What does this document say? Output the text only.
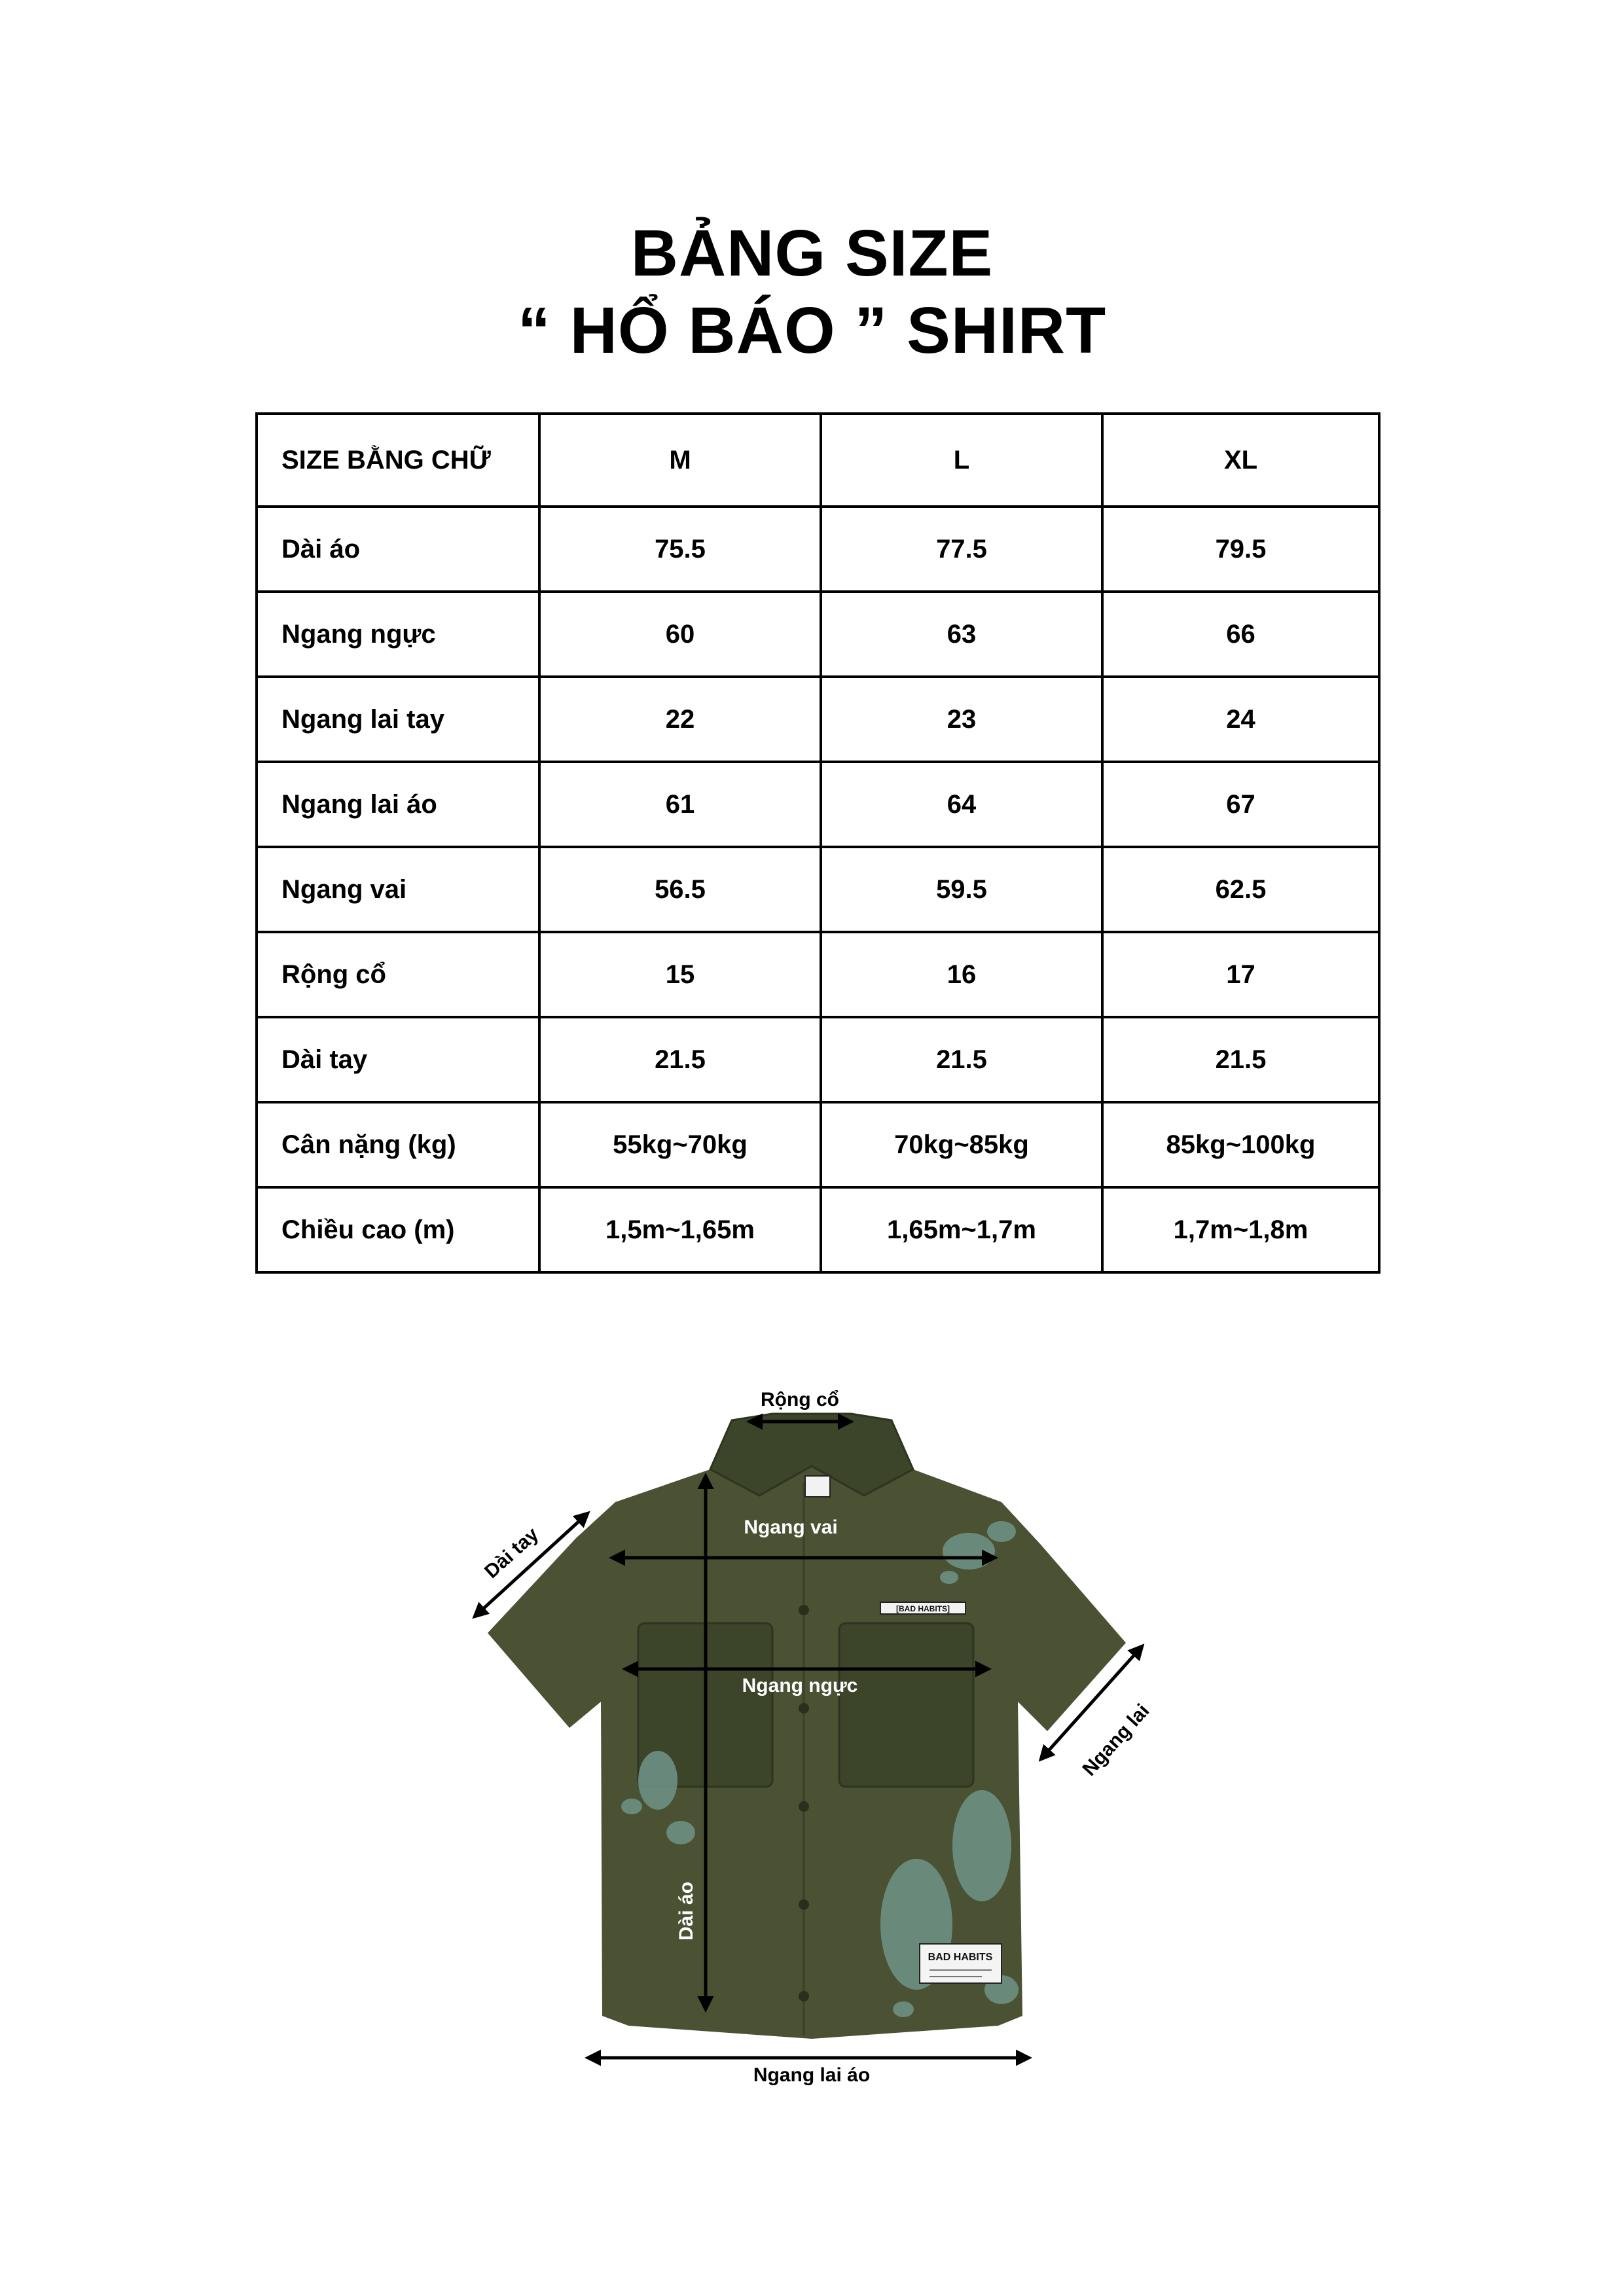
BẢNG SIZE
“ HỔ BÁO ” SHIRT
SIZE BẰNG CHỮ	M	L	XL
Dài áo	75.5	77.5	79.5
Ngang ngực	60	63	66
Ngang lai tay	22	23	24
Ngang lai áo	61	64	67
Ngang vai	56.5	59.5	62.5
Rộng cổ	15	16	17
Dài tay	21.5	21.5	21.5
Cân nặng (kg)	55kg~70kg	70kg~85kg	85kg~100kg
Chiều cao (m)	1,5m~1,65m	1,65m~1,7m	1,7m~1,8m
[BAD HABITS]
BAD HABITS
Rộng cổ
Ngang vai
Ngang ngực
Dài áo
Ngang lai áo
Dài tay
Ngang lai
